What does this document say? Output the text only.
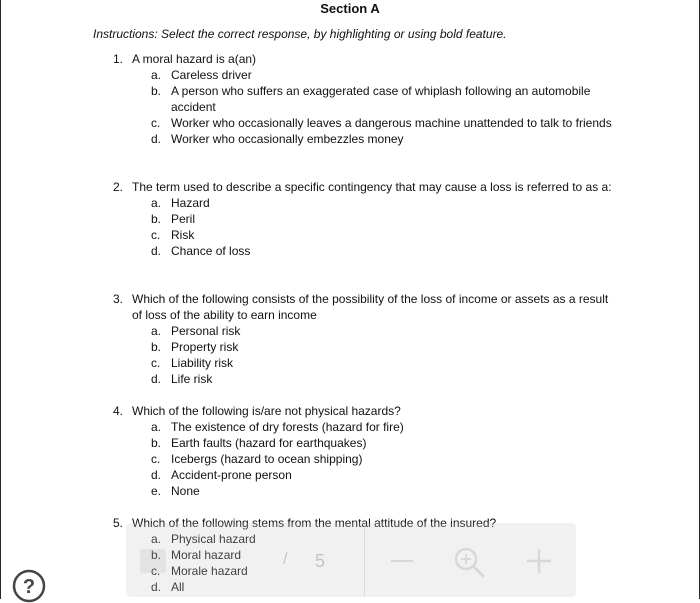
Section A
Instructions: Select the correct response, by highlighting or using bold feature.
1. A moral hazard is a(an)
a. Careless driver
b. A person who suffers an exaggerated case of whiplash following an automobile accident
c. Worker who occasionally leaves a dangerous machine unattended to talk to friends
d. Worker who occasionally embezzles money
2. The term used to describe a specific contingency that may cause a loss is referred to as a:
a. Hazard
b. Peril
c. Risk
d. Chance of loss
3. Which of the following consists of the possibility of the loss of income or assets as a result of loss of the ability to earn income
a. Personal risk
b. Property risk
c. Liability risk
d. Life risk
4. Which of the following is/are not physical hazards?
a. The existence of dry forests (hazard for fire)
b. Earth faults (hazard for earthquakes)
c. Icebergs (hazard to ocean shipping)
d. Accident-prone person
e. None
5. Which of the following stems from the mental attitude of the insured?
a. Physical hazard
b. Moral hazard
c. Morale hazard
d. All
/ 5
?
